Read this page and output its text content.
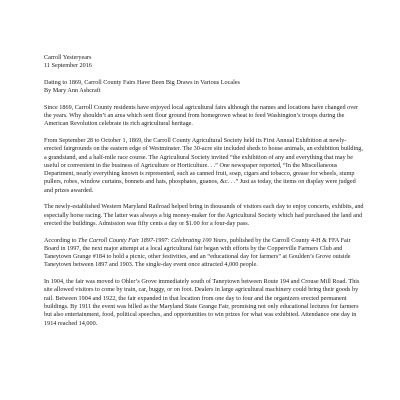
Carroll Yesteryears
11 September 2016
Dating to 1869, Carroll County Fairs Have Been Big Draws in Various Locales
By Mary Ann Ashcraft

Since 1869, Carroll County residents have enjoyed local agricultural fairs although the names and locations have changed over the years. Why shouldn’t an area which sent flour ground from homegrown wheat to feed Washington’s troops during the American Revolution celebrate its rich agricultural heritage.

From September 28 to October 1, 1869, the Carroll County Agricultural Society held its First Annual Exhibition at newly-erected fairgrounds on the eastern edge of Westminster. The 30-acre site included sheds to house animals, an exhibition building, a grandstand, and a half-mile race course. The Agricultural Society invited “the exhibition of any and everything that may be useful or convenient in the business of Agriculture or Horticulture. . .” One newspaper reported, “In the Miscellaneous Department, nearly everything known is represented, such as canned fruit, soap, cigars and tobacco, grease for wheels, stump pullers, robes, window curtains, bonnets and hats, phosphates, guanos, &c. . .” Just as today, the items on display were judged and prizes awarded.

The newly-established Western Maryland Railroad helped bring in thousands of visitors each day to enjoy concerts, exhibits, and especially horse racing. The latter was always a big money-maker for the Agricultural Society which had purchased the land and erected the buildings. Admission was fifty cents a day or $1.00 for a four-day pass.

According to The Carroll County Fair 1897-1997: Celebrating 100 Years, published by the Carroll County 4-H & FFA Fair Board in 1997, the next major attempt at a local agricultural fair began with efforts by the Copperville Farmers Club and Taneytown Grange #184 to hold a picnic, other festivities, and an “educational day for farmers” at Goulden’s Grove outside Taneytown between 1897 and 1903. The single-day event once attracted 4,000 people.

In 1904, the fair was moved to Ohler’s Grove immediately south of Taneytown between Route 194 and Crouse Mill Road. This site allowed visitors to come by train, car, buggy, or on foot. Dealers in large agricultural machinery could bring their goods by rail. Between 1904 and 1922, the fair expanded in that location from one day to four and the organizers erected permanent buildings. By 1911 the event was billed as the Maryland State Grange Fair, promising not only educational lectures for farmers but also entertainment, food, political speeches, and opportunities to win prizes for what was exhibited. Attendance one day in 1914 reached 14,000.
